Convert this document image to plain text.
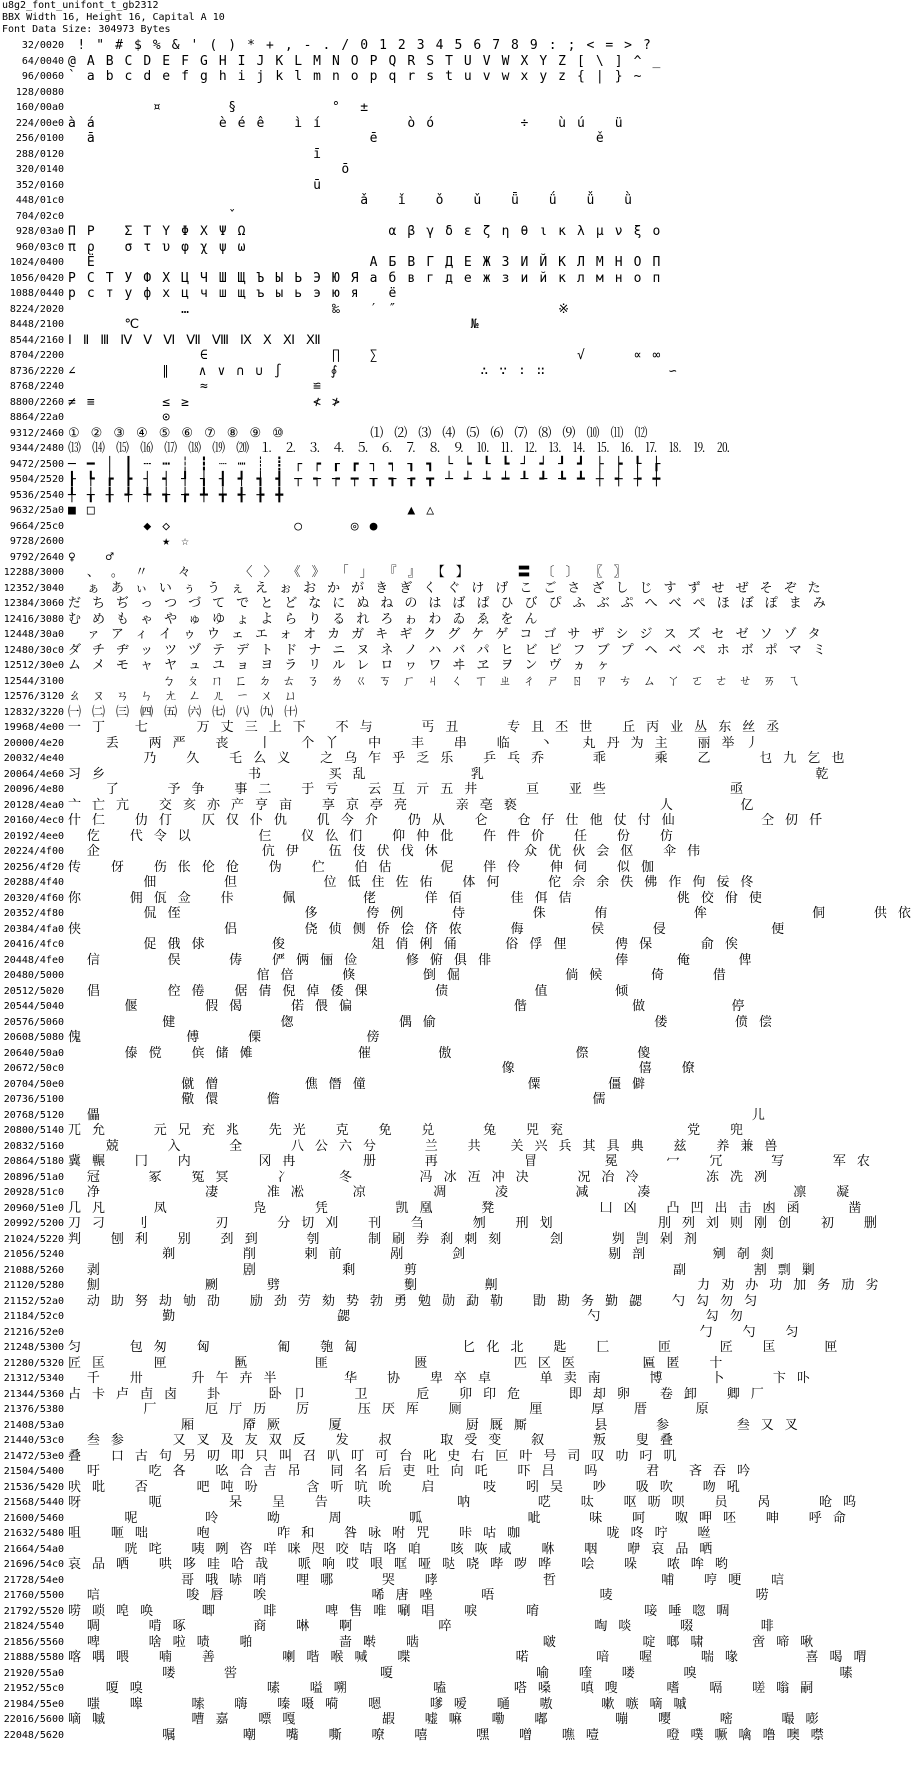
u8g2_font_unifont_t_gb2312
BBX Width 16, Height 16, Capital A 10
Font Data Size: 304973 Bytes
32/0020 ! " # $ % & ' ( ) * + , - . / 0 1 2 3 4 5 6 7 8 9 : ; < = > ?
64/0040 @ A B C D E F G H I J K L M N O P Q R S T U V W X Y Z [ \ ] ^ _
96/0060 ` a b c d e f g h i j k l m n o p q r s t u v w x y z { | } ~
128/0080
160/00a0 ¤       §          °  ±
224/00e0 à á             è é ê   ì í         ò ó         ÷   ù ú   ü
256/0100 ā                             ē                       ě
288/0120 ī
320/0140 ō
352/0160 ū
448/01c0 ǎ   ǐ   ǒ   ǔ   ǖ   ǘ   ǚ   ǜ
704/02c0 ˇ
928/03a0 Π Ρ   Σ Τ Υ Φ Χ Ψ Ω               α β γ δ ε ζ η θ ι κ λ μ ν ξ ο
960/03c0 π ρ   σ τ υ φ χ ψ ω
1024/0400 Ё                             А Б В Г Д Е Ж З И Й К Л М Н О П
1056/0420 Р С Т У Ф Х Ц Ч Ш Щ Ъ Ы Ь Э Ю Я а б в г д е ж з и й к л м н о п
1088/0440 р с т у ф х ц ч ш щ ъ ы ь э ю я   ё
8224/2020 …               ‰   ′ ″                 ※
8448/2100 ℃                                   №
8544/2160 Ⅰ Ⅱ Ⅲ Ⅳ Ⅴ Ⅵ Ⅶ Ⅷ Ⅸ Ⅹ Ⅺ Ⅻ
8704/2200 ∈             ∏   ∑                     √     ∝ ∞
8736/2220 ∠         ∥   ∧ ∨ ∩ ∪ ∫     ∮               ∴ ∵ ∶ ∷             ∽
8768/2240 ≈           ≌
8800/2260 ≠ ≡       ≤ ≥             ≮ ≯
8864/22a0 ⊙
9312/2460 ① ② ③ ④ ⑤ ⑥ ⑦ ⑧ ⑨ ⑩         ⑴ ⑵ ⑶ ⑷ ⑸ ⑹ ⑺ ⑻ ⑼ ⑽ ⑾ ⑿
9344/2480 ⒀ ⒁ ⒂ ⒃ ⒄ ⒅ ⒆ ⒇ ⒈ ⒉ ⒊ ⒋ ⒌ ⒍ ⒎ ⒏ ⒐ ⒑ ⒒ ⒓ ⒔ ⒕ ⒖ ⒗ ⒘ ⒙ ⒚ ⒛
9472/2500 ─ ━ │ ┃ ┄ ┅ ┆ ┇ ┈ ┉ ┊ ┋ ┌ ┍ ┎ ┏ ┐ ┑ ┒ ┓ └ ┕ ┖ ┗ ┘ ┙ ┚ ┛ ├ ┝ ┞ ┟
9504/2520 ┠ ┡ ┢ ┣ ┤ ┥ ┦ ┧ ┨ ┩ ┪ ┫ ┬ ┭ ┮ ┯ ┰ ┱ ┲ ┳ ┴ ┵ ┶ ┷ ┸ ┹ ┺ ┻ ┼ ┽ ┾ ┿
9536/2540 ╀ ╁ ╂ ╃ ╄ ╅ ╆ ╇ ╈ ╉ ╊ ╋
9632/25a0 ■ □                                 ▲ △
9664/25c0 ◆ ◇             ○     ◎ ●
9728/2600 ★ ☆
9792/2640 ♀   ♂
12288/3000 、 。 〃   々     〈 〉 《 》 「 」 『 』 【 】     〓 〔 〕 〖 〗
12352/3040 ぁ あ ぃ い ぅ う ぇ え ぉ お か が き ぎ く ぐ け げ こ ご さ ざ し じ す ず せ ぜ そ ぞ た
12384/3060 だ ち ぢ っ つ づ て で と ど な に ぬ ね の は ば ぱ ひ び ぴ ふ ぶ ぷ へ べ ぺ ほ ぼ ぽ ま み
12416/3080 む め も ゃ や ゅ ゆ ょ よ ら り る れ ろ ゎ わ ゐ ゑ を ん
12448/30a0 ァ ア ィ イ ゥ ウ ェ エ ォ オ カ ガ キ ギ ク グ ケ ゲ コ ゴ サ ザ シ ジ ス ズ セ ゼ ソ ゾ タ
12480/30c0 ダ チ ヂ ッ ツ ヅ テ デ ト ド ナ ニ ヌ ネ ノ ハ バ パ ヒ ビ ピ フ ブ プ ヘ ベ ペ ホ ボ ポ マ ミ
12512/30e0 ム メ モ ャ ヤ ュ ユ ョ ヨ ラ リ ル レ ロ ヮ ワ ヰ ヱ ヲ ン ヴ ヵ ヶ
12544/3100 ㄅ ㄆ ㄇ ㄈ ㄉ ㄊ ㄋ ㄌ ㄍ ㄎ ㄏ ㄐ ㄑ ㄒ ㄓ ㄔ ㄕ ㄖ ㄗ ㄘ ㄙ ㄚ ㄛ ㄜ ㄝ ㄞ ㄟ
12576/3120 ㄠ ㄡ ㄢ ㄣ ㄤ ㄥ ㄦ ㄧ ㄨ ㄩ
12832/3220 ㈠ ㈡ ㈢ ㈣ ㈤ ㈥ ㈦ ㈧ ㈨ ㈩
19968/4e00 一 丁   七     万 丈 三 上 下   不 与     丐 丑     专 且 丕 世   丘 丙 业 丛 东 丝 丞
20000/4e20 丢   两 严   丧   丨   个 丫   中   丰   串   临   丶   丸 丹 为 主   丽 举 丿
20032/4e40 乃   久   乇 么 义   之 乌 乍 乎 乏 乐   乒 乓 乔     乖     乘   乙     乜 九 乞 也
20064/4e60 习 乡               书       买 乱           乳                                   乾
20096/4e80 了     予 争   事 二   于 亏   云 互 亓 五 井     亘   亚 些             亟
20128/4ea0 亠 亡 亢   交 亥 亦 产 亨 亩   享 京 亭 亮     亲 亳 亵               人       亿
20160/4ec0 什 仁   仂 仃   仄 仅 仆 仇   仉 今 介   仍 从   仑   仓 仔 仕 他 仗 付 仙         仝 仞 仟
20192/4ee0 仡   代 令 以       仨   仪 仫 们   仰 仲 仳   仵 件 价   任   份   仿
20224/4f00 企                 伉 伊   伍 伎 伏 伐 休         众 优 伙 会 伛   伞 伟
20256/4f20 传   伢   伤 伥 伦 伧   伪   伫   伯 估     伲   伴 伶   伸 伺   似 伽
20288/4f40 佃       但         位 低 住 佐 佑   体 何     佗 佘 余 佚 佛 作 佝 佞 佟
20320/4f60 你     佣 佤 佥   佧     佩       佬     佯 佰     佳 佴 佶           佻 佼 佾 使
20352/4f80 侃 侄             侈     侉 例     侍       侏     侑         侔           侗     供 依
20384/4fa0 侠               侣       侥 侦 侧 侨 侩 侪 侬     侮       侯     侵           便
20416/4fc0 促 俄 俅       俊         俎 俏 俐 俑     俗 俘 俚     俜 保     俞 俟
20448/4fe0 信       俣     俦   俨 俩 俪 俭     修 俯 俱 俳             俸     俺     俾
20480/5000 倌 倍     倏       倒 倔           倘 候     倚     借
20512/5020 倡       倥 倦   倨 倩 倪 倬 倭 倮       债         值       倾
20544/5040 偃       假 偈     偌 偎 偏                 偕           做         停
20576/5060 健           偬           偶 偷                       偻       偾 偿
20608/5080 傀           傅     傈           傍
20640/50a0 傣 傥   傧 储 傩           催       傲             傺     傻
20672/50c0 像             僖   僚
20704/50e0 僦 僧         僬 僭 僮                 僳       僵 僻
20736/5100 儆 儇     儋                                 儒
20768/5120 儡                                                                     儿
20800/5140 兀 允     元 兄 充 兆   先 光   克   免   兑     兔   兕 兖             党   兜
20832/5160 兢     入     全     八 公 六 兮     兰   共   关 兴 兵 其 具 典   兹   养 兼 兽
20864/5180 冀 冁   冂   内       冈 冉       册     再         冒       冕     冖   冗     写     军 农
20896/51a0 冠     冢   冤 冥     冫     冬       冯 冰 冱 冲 决     况 冶 冷       冻 冼 冽
20928/51c0 净           凄     准 凇     凉       凋     凌       减     凑               凛   凝
20960/51e0 几 凡     凤         凫     凭       凯 凰     凳           凵 凶   凸 凹 出 击 凼 函     凿
20992/5200 刀 刁   刂       刃     分 切 刈   刊   刍     刎   刑 划           刖 列 刘 则 刚 创   初   删
21024/5220 判   刨 利   别   刭 到     刳     制 刷 券 刹 刺 刻     刽     刿 剀 剁 剂
21056/5240 剃       削     剌 前     剐     剑               剔 剖       剜 剞 剡
21088/5260 剥               剧         剩     剪                           副       割 剽 剿
21120/5280 劁           劂     劈             劐       劓                     力 劝 办 功 加 务 劢 劣
21152/52a0 动 助 努 劫 劬 劭   励 劲 劳 劾 势 勃 勇 勉 勋 勐 勒   勖 勘 务 勤 勰   勺 勾 勿 匀
21184/52c0 勤                 勰                         勺           勾 勿
21216/52e0 勹   勺   匀
21248/5300 匀     包 匆   匈       匍   匏 匐           匕 化 北   匙   匚     匝     匠   匡     匣
21280/5320 匠 匡     匣       匦       匪         匮         匹 区 医       匾 匿   十
21312/5340 千   卅     升 午 卉 半       华   协   卑 卒 卓     单 卖 南     博     卜     卞 卟
21344/5360 占 卡 卢 卣 卤   卦     卧 卩     卫     卮   卯 印 危     即 却 卵   卷 卸   卿 厂
21376/5380 厂     厄 厅 历   厉     压 厌 厍   厕       厘     厚   厝     原
21408/53a0 厢     厣 厥     厦             厨 厩 厮       县     参       叁 又 叉
21440/53c0 叁 参     又 叉 及 友 双 反   发   叔     取 受 变   叙     叛   叟 叠
21472/53e0 叠   口 古 句 另 叨 叩 只 叫 召 叭 叮 可 台 叱 史 右 叵 叶 号 司 叹 叻 叼 叽
21504/5400 吁     吃 各   吆 合 吉 吊   同 名 后 吏 吐 向 吒   吓 吕   吗     君   吝 吞 吟
21536/5420 吠 吡   否     吧 吨 吩     含 听 吭 吮   启     吱   吲 吴   吵   吸 吹   吻 吼
21568/5440 呀       呃       呆   呈   告   呋         呐       呓   呔   呕 呖 呗   员   呙     呛 呜
21600/5460 呢       呤     呦     周       呱           呲     味   呵   呶 呷 呸   呻   呼 命
21632/5480 咀   咂 咄     咆       咋 和   咎 咏 咐 咒   咔 咕 咖         咙 咚 咛   咝
21664/54a0 咣 咤   咦 咧 咨 咩 咪 咫 咬 咭 咯 咱   咳 咴 咸   咻   咽   咿 哀 品 哂
21696/54c0 哀 品 哂   哄 哆 哇 哈 哉   哌 响 哎 哏 哐 哑 哒 哓 哔 哕 哗   哙   哚   哝 哞 哟
21728/54e0 哥 哦 哧 哨   哩 哪     哭   哮           哲           哺   哼 哽   唁
21760/5500 唁         唆 唇   唉           唏 唐 唑     唔           唛               唠
21792/5520 唠 唢 唣 唤     唧     啡     啤 售 唯 唰 唱   唳     唷           唼 唾 唿 啁
21824/5540 啁     啃 啄       商   啉   啊         啐               啕 啖     啜       啡
21856/5560 啤     啥 啦 啧   啪         啬 啭   啮             啵         啶 啷 啸     啻 啼 啾
21888/5580 喀 喁 喂   喃   善       喇 喈 喉 喊   喋           喏       喑   喔     喘 喙       喜 喝 喟
21920/55a0 喽     喾               嗄               喻   喹   喽     嗅               嗉
21952/55c0 嗄 嗅             嗉   嗌 嗍         嗑       嗒 嗓   嗔 嗖     嗜   嗝   嗟 嗡 嗣
21984/55e0 嗤   嗥     嗦   嗨   嗪 嗫 嗬   嗯     嗲 嗳   嗵   嗷     嗽 嗾 嘀 嘁
22016/5600 嘀 嘁         嘈 嘉   嘌 嘎         嘏   嘘 嘛   嘞   嘟       嘣   嘤     嘧     嘬 嘭
22048/5620 嘱       嘲   嘴   嘶   嘹   嘻     嘿   噌   噍 噎       噔 噗 噘 噙 噜 噢 噤
